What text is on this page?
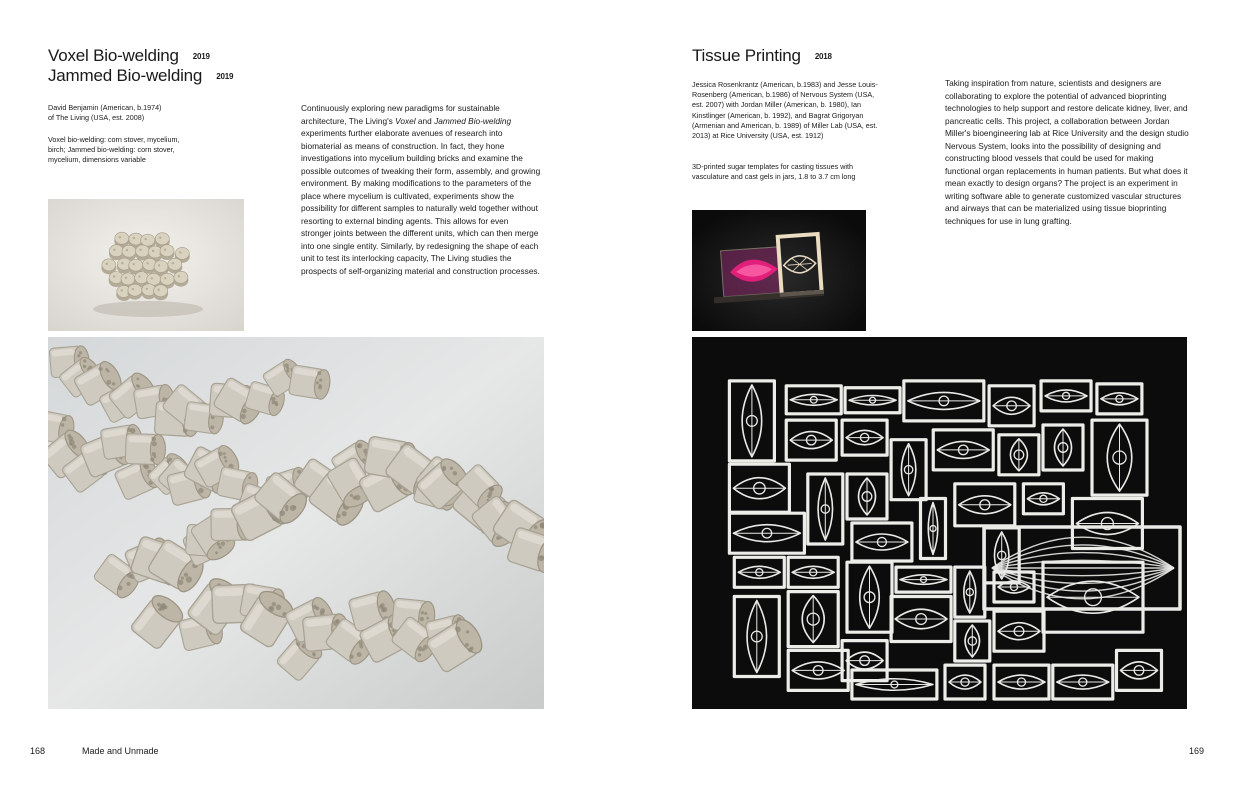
Voxel Bio-welding 2019
Jammed Bio-welding 2019

David Benjamin (American, b.1974)

of The Living (USA, est. 2008)

Voxel bio-welding: corn stover, mycelium,

birch; Jammed bio-welding: corn stover,

mycelium, dimensions variable

Continuously exploring new paradigms for sustainable architecture, The Living's Voxel and Jammed Bio-welding experiments further elaborate avenues of research into biomaterial as means of construction. In fact, they hone investigations into mycelium building bricks and examine the possible outcomes of tweaking their form, assembly, and growing environment. By making modifications to the parameters of the place where mycelium is cultivated, experiments show the possibility for different samples to naturally weld together without resorting to external binding agents. This allows for even stronger joints between the different units, which can then merge into one single entity. Similarly, by redesigning the shape of each unit to test its interlocking capacity, The Living studies the prospects of self-organizing material and construction processes.

168	Made and Unmade
Tissue Printing 2018
Jessica Rosenkrantz (American, b.1983) and Jesse Louis-Rosenberg (American, b.1986) of Nervous System (USA, est. 2007) with Jordan Miller (American, b. 1980), Ian Kinstlinger (American, b. 1992), and Bagrat Grigoryan (Armenian and American, b. 1989) of Miller Lab (USA, est. 2013) at Rice University (USA, est. 1912)
3D-printed sugar templates for casting tissues with vasculature and cast gels in jars, 1.8 to 3.7 cm long
Taking inspiration from nature, scientists and designers are collaborating to explore the potential of advanced bioprinting technologies to help support and restore delicate kidney, liver, and pancreatic cells. This project, a collaboration between Jordan Miller's bioengineering lab at Rice University and the design studio Nervous System, looks into the possibility of designing and constructing blood vessels that could be used for making functional organ replacements in human patients. But what does it mean exactly to design organs? The project is an experiment in writing software able to generate customized vascular structures and airways that can be materialized using tissue bioprinting techniques for use in lung grafting.
169
